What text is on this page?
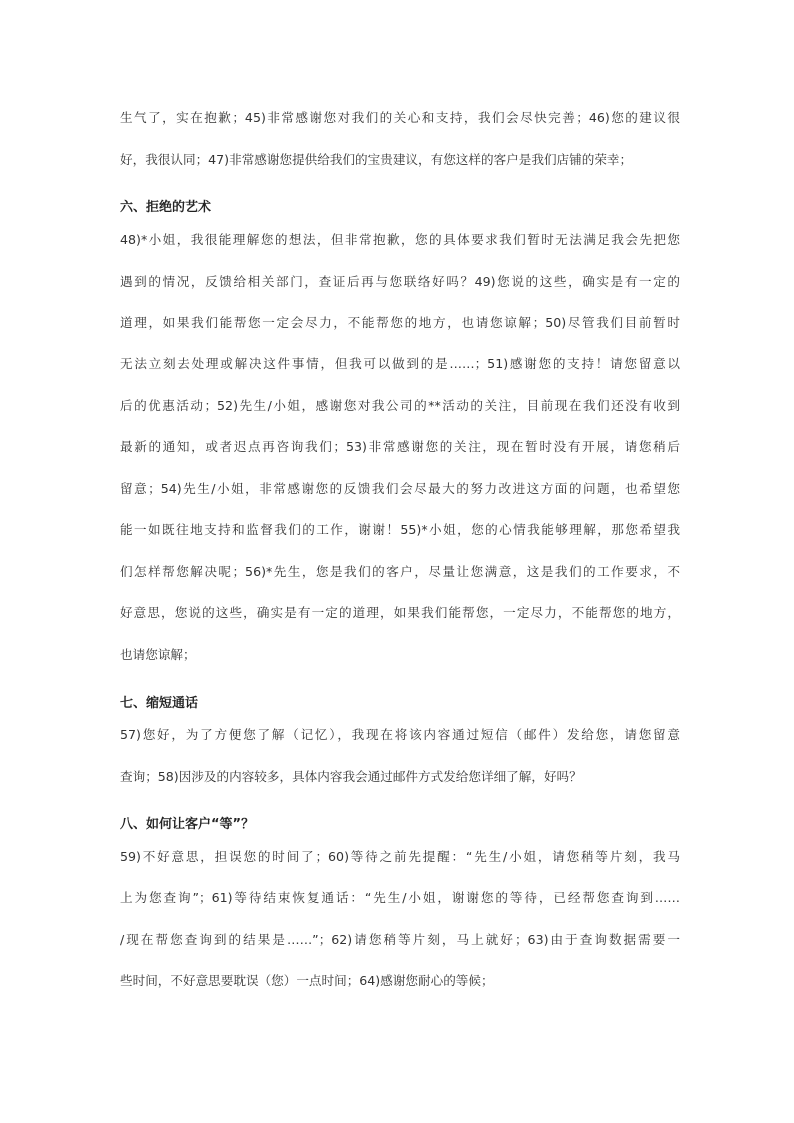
生气了，实在抱歉；45)非常感谢您对我们的关心和支持，我们会尽快完善；46)您的建议很
好，我很认同；47)非常感谢您提供给我们的宝贵建议，有您这样的客户是我们店铺的荣幸；
六、拒绝的艺术
48)*小姐，我很能理解您的想法，但非常抱歉，您的具体要求我们暂时无法满足我会先把您
遇到的情况，反馈给相关部门，查证后再与您联络好吗？49)您说的这些，确实是有一定的
道理，如果我们能帮您一定会尽力，不能帮您的地方，也请您谅解；50)尽管我们目前暂时
无法立刻去处理或解决这件事情，但我可以做到的是……；51)感谢您的支持！请您留意以
后的优惠活动；52)先生/小姐，感谢您对我公司的**活动的关注，目前现在我们还没有收到
最新的通知，或者迟点再咨询我们；53)非常感谢您的关注，现在暂时没有开展，请您稍后
留意；54)先生/小姐，非常感谢您的反馈我们会尽最大的努力改进这方面的问题，也希望您
能一如既往地支持和监督我们的工作，谢谢！55)*小姐，您的心情我能够理解，那您希望我
们怎样帮您解决呢；56)*先生，您是我们的客户，尽量让您满意，这是我们的工作要求，不
好意思，您说的这些，确实是有一定的道理，如果我们能帮您，一定尽力，不能帮您的地方，
也请您谅解；
七、缩短通话
57)您好，为了方便您了解（记忆），我现在将该内容通过短信（邮件）发给您，请您留意
查询；58)因涉及的内容较多，具体内容我会通过邮件方式发给您详细了解，好吗？
八、如何让客户“等”？
59)不好意思，担误您的时间了；60)等待之前先提醒：“先生/小姐，请您稍等片刻，我马
上为您查询”；61)等待结束恢复通话：“先生/小姐，谢谢您的等待，已经帮您查询到……
/现在帮您查询到的结果是……”；62)请您稍等片刻，马上就好；63)由于查询数据需要一
些时间，不好意思要耽误（您）一点时间；64)感谢您耐心的等候；
